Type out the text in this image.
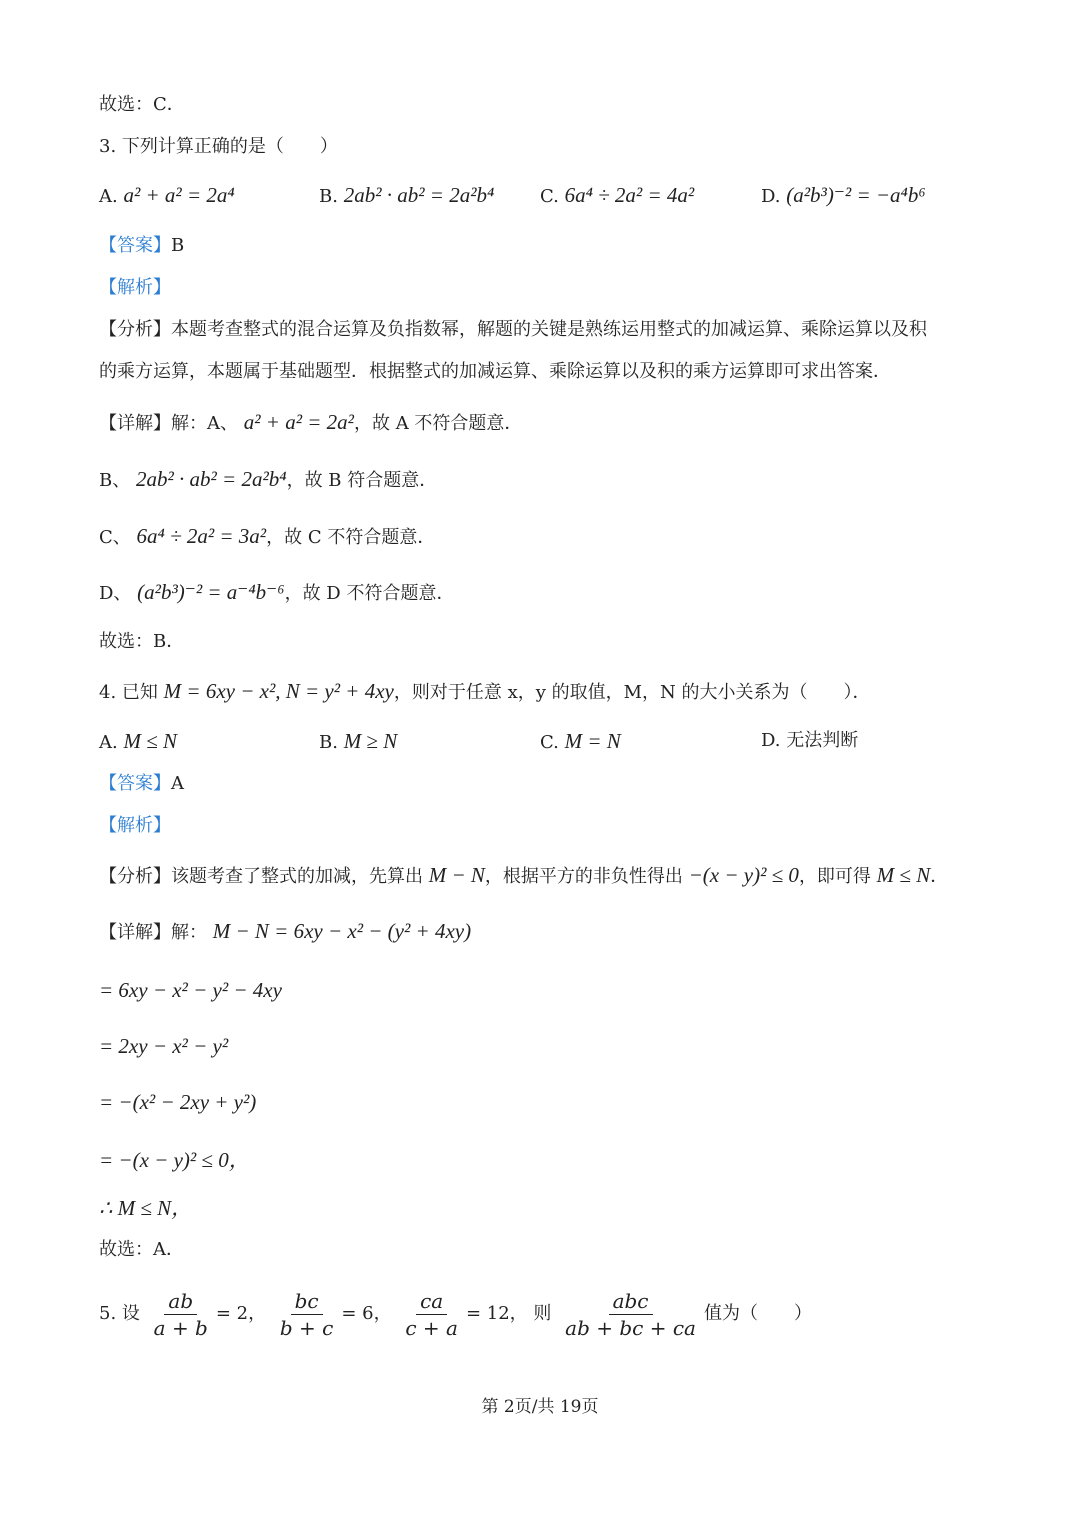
故选：C．
3. 下列计算正确的是（　　）
A. a² + a² = 2a⁴	B. 2ab² · ab² = 2a²b⁴	C. 6a⁴ ÷ 2a² = 4a²	D. (a²b³)⁻² = −a⁴b⁶
【答案】B
【解析】
【分析】本题考查整式的混合运算及负指数幂，解题的关键是熟练运用整式的加减运算、乘除运算以及积
的乘方运算，本题属于基础题型．根据整式的加减运算、乘除运算以及积的乘方运算即可求出答案．
【详解】解：A、 a² + a² = 2a²，故 A 不符合题意．
B、 2ab² · ab² = 2a²b⁴，故 B 符合题意．
C、 6a⁴ ÷ 2a² = 3a²，故 C 不符合题意．
D、 (a²b³)⁻² = a⁻⁴b⁻⁶，故 D 不符合题意．
故选：B．
4. 已知 M = 6xy − x², N = y² + 4xy，则对于任意 x，y 的取值，M，N 的大小关系为（　　）．
A. M ≤ N	B. M ≥ N	C. M = N	D. 无法判断
【答案】A
【解析】
【分析】该题考查了整式的加减，先算出 M − N，根据平方的非负性得出 −(x − y)² ≤ 0，即可得 M ≤ N．
【详解】解： M − N = 6xy − x² − (y² + 4xy)
= 6xy − x² − y² − 4xy
= 2xy − x² − y²
= −(x² − 2xy + y²)
= −(x − y)² ≤ 0，
∴ M ≤ N，
故选：A．
5. 设 $\frac{ab}{a + b} = 2$， $\frac{bc}{b + c} = 6$， $\frac{ca}{c + a} = 12$， 则 $\frac{\text{abc}}{ab + bc + ca}$ 值为（　　）
第 2页/共 19页
